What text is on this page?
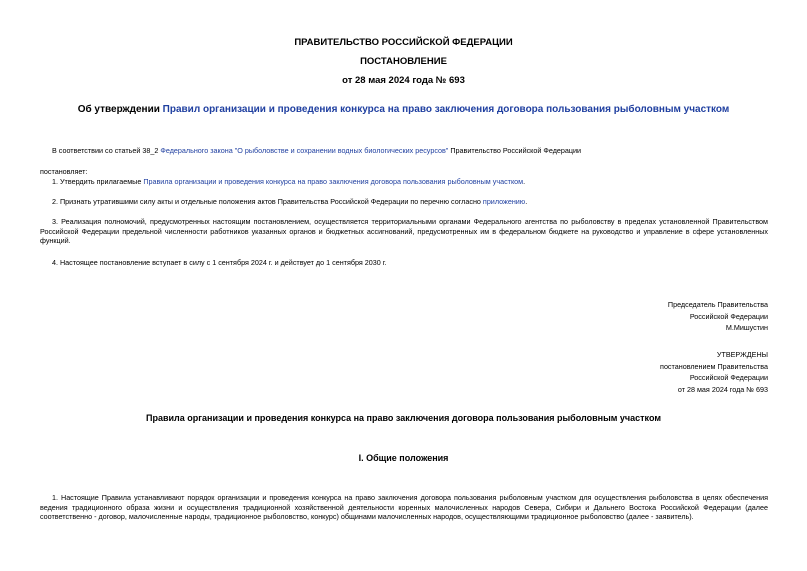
ПРАВИТЕЛЬСТВО РОССИЙСКОЙ ФЕДЕРАЦИИ
ПОСТАНОВЛЕНИЕ
от 28 мая 2024 года № 693
Об утверждении Правил организации и проведения конкурса на право заключения договора пользования рыболовным участком
В соответствии со статьей 38_2 Федерального закона "О рыболовстве и сохранении водных биологических ресурсов" Правительство Российской Федерации
постановляет:
1. Утвердить прилагаемые Правила организации и проведения конкурса на право заключения договора пользования рыболовным участком.
2. Признать утратившими силу акты и отдельные положения актов Правительства Российской Федерации по перечню согласно приложению.
3. Реализация полномочий, предусмотренных настоящим постановлением, осуществляется территориальными органами Федерального агентства по рыболовству в пределах установленной Правительством Российской Федерации предельной численности работников указанных органов и бюджетных ассигнований, предусмотренных им в федеральном бюджете на руководство и управление в сфере установленных функций.
4. Настоящее постановление вступает в силу с 1 сентября 2024 г. и действует до 1 сентября 2030 г.
Председатель Правительства
Российской Федерации
М.Мишустин
УТВЕРЖДЕНЫ
постановлением Правительства
Российской Федерации
от 28 мая 2024 года № 693
Правила организации и проведения конкурса на право заключения договора пользования рыболовным участком
I. Общие положения
1. Настоящие Правила устанавливают порядок организации и проведения конкурса на право заключения договора пользования рыболовным участком для осуществления рыболовства в целях обеспечения ведения традиционного образа жизни и осуществления традиционной хозяйственной деятельности коренных малочисленных народов Севера, Сибири и Дальнего Востока Российской Федерации (далее соответственно - договор, малочисленные народы, традиционное рыболовство, конкурс) общинами малочисленных народов, осуществляющими традиционное рыболовство (далее - заявитель).
